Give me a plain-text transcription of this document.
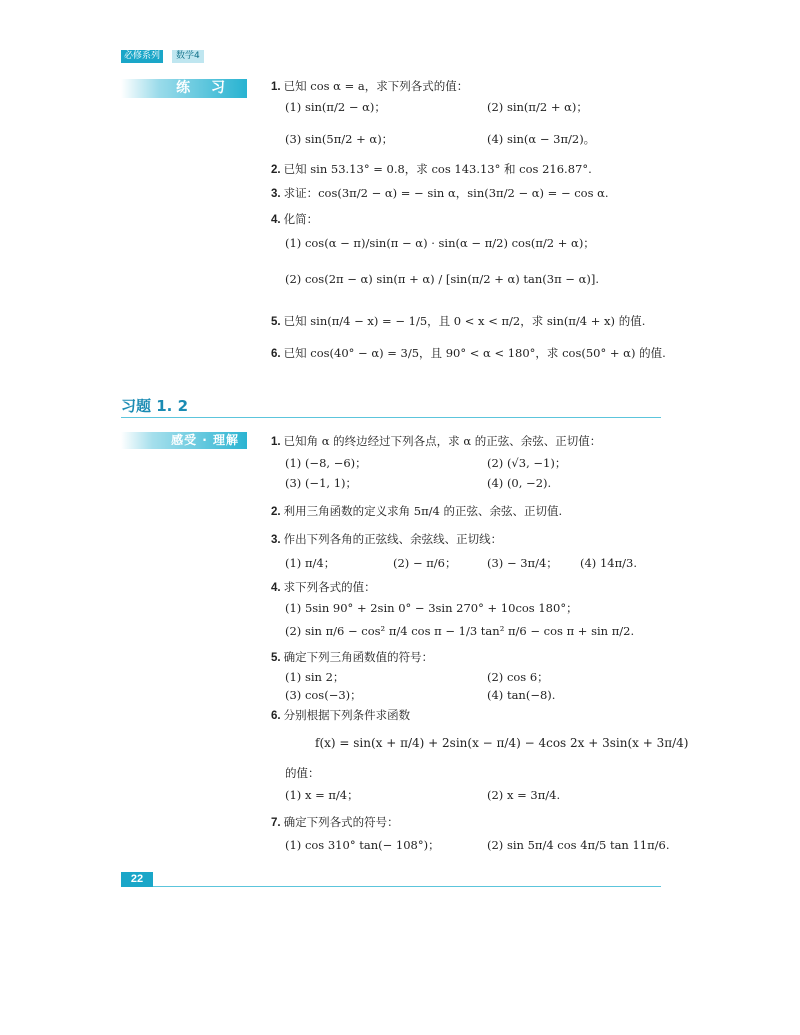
必修系列	数学4
练 习	1. 已知 cos α = a，求下列各式的值：
(1) sin(π/2 − α)；	(2) sin(π/2 + α)；
(3) sin(5π/2 + α)；	(4) sin(α − 3π/2)。
2. 已知 sin 53.13° = 0.8，求 cos 143.13° 和 cos 216.87°.
3. 求证：cos(3π/2 − α) = − sin α，sin(3π/2 − α) = − cos α.
4. 化简：
(1) cos(α − π)/sin(π − α) · sin(α − π/2) cos(π/2 + α)；
(2) cos(2π − α) sin(π + α) / [sin(π/2 + α) tan(3π − α)].
5. 已知 sin(π/4 − x) = − 1/5，且 0 < x < π/2，求 sin(π/4 + x) 的值.
6. 已知 cos(40° − α) = 3/5，且 90° < α < 180°，求 cos(50° + α) 的值.
习题 1. 2
感受 · 理解	1. 已知角 α 的终边经过下列各点，求 α 的正弦、余弦、正切值：
(1) (−8, −6)；	(2) (√3, −1)；
(3) (−1, 1)；	(4) (0, −2).
2. 利用三角函数的定义求角 5π/4 的正弦、余弦、正切值.
3. 作出下列各角的正弦线、余弦线、正切线：
(1) π/4；	(2) − π/6；	(3) − 3π/4； (4) 14π/3.
4. 求下列各式的值：
(1) 5sin 90° + 2sin 0° − 3sin 270° + 10cos 180°；
(2) sin π/6 − cos² π/4 cos π − 1/3 tan² π/6 − cos π + sin π/2.
5. 确定下列三角函数值的符号：
(1) sin 2；	(2) cos 6；
(3) cos(−3)；	(4) tan(−8).
6. 分别根据下列条件求函数
f(x) = sin(x + π/4) + 2sin(x − π/4) − 4cos 2x + 3sin(x + 3π/4)
的值：
(1) x = π/4；	(2) x = 3π/4.
7. 确定下列各式的符号：
(1) cos 310° tan(− 108°)；	(2) sin 5π/4 cos 4π/5 tan 11π/6.
22
